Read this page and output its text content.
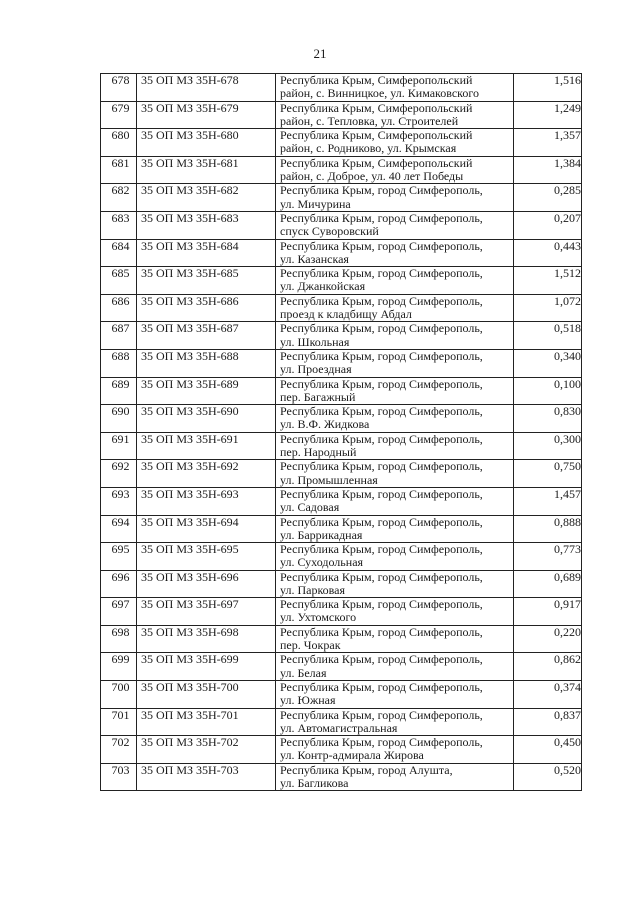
21
678	35 ОП МЗ 35Н-678	Республика Крым, Симферопольский
район, с. Винницкое, ул. Кимаковского	1,516
679	35 ОП МЗ 35Н-679	Республика Крым, Симферопольский
район, с. Тепловка, ул. Строителей	1,249
680	35 ОП МЗ 35Н-680	Республика Крым, Симферопольский
район, с. Родниково, ул. Крымская	1,357
681	35 ОП МЗ 35Н-681	Республика Крым, Симферопольский
район, с. Доброе, ул. 40 лет Победы	1,384
682	35 ОП МЗ 35Н-682	Республика Крым, город Симферополь,
ул. Мичурина	0,285
683	35 ОП МЗ 35Н-683	Республика Крым, город Симферополь,
спуск Суворовский	0,207
684	35 ОП МЗ 35Н-684	Республика Крым, город Симферополь,
ул. Казанская	0,443
685	35 ОП МЗ 35Н-685	Республика Крым, город Симферополь,
ул. Джанкойская	1,512
686	35 ОП МЗ 35Н-686	Республика Крым, город Симферополь,
проезд к кладбищу Абдал	1,072
687	35 ОП МЗ 35Н-687	Республика Крым, город Симферополь,
ул. Школьная	0,518
688	35 ОП МЗ 35Н-688	Республика Крым, город Симферополь,
ул. Проездная	0,340
689	35 ОП МЗ 35Н-689	Республика Крым, город Симферополь,
пер. Багажный	0,100
690	35 ОП МЗ 35Н-690	Республика Крым, город Симферополь,
ул. В.Ф. Жидкова	0,830
691	35 ОП МЗ 35Н-691	Республика Крым, город Симферополь,
пер. Народный	0,300
692	35 ОП МЗ 35Н-692	Республика Крым, город Симферополь,
ул. Промышленная	0,750
693	35 ОП МЗ 35Н-693	Республика Крым, город Симферополь,
ул. Садовая	1,457
694	35 ОП МЗ 35Н-694	Республика Крым, город Симферополь,
ул. Баррикадная	0,888
695	35 ОП МЗ 35Н-695	Республика Крым, город Симферополь,
ул. Суходольная	0,773
696	35 ОП МЗ 35Н-696	Республика Крым, город Симферополь,
ул. Парковая	0,689
697	35 ОП МЗ 35Н-697	Республика Крым, город Симферополь,
ул. Ухтомского	0,917
698	35 ОП МЗ 35Н-698	Республика Крым, город Симферополь,
пер. Чокрак	0,220
699	35 ОП МЗ 35Н-699	Республика Крым, город Симферополь,
ул. Белая	0,862
700	35 ОП МЗ 35Н-700	Республика Крым, город Симферополь,
ул. Южная	0,374
701	35 ОП МЗ 35Н-701	Республика Крым, город Симферополь,
ул. Автомагистральная	0,837
702	35 ОП МЗ 35Н-702	Республика Крым, город Симферополь,
ул. Контр-адмирала Жирова	0,450
703	35 ОП МЗ 35Н-703	Республика Крым, город Алушта,
ул. Багликова	0,520
